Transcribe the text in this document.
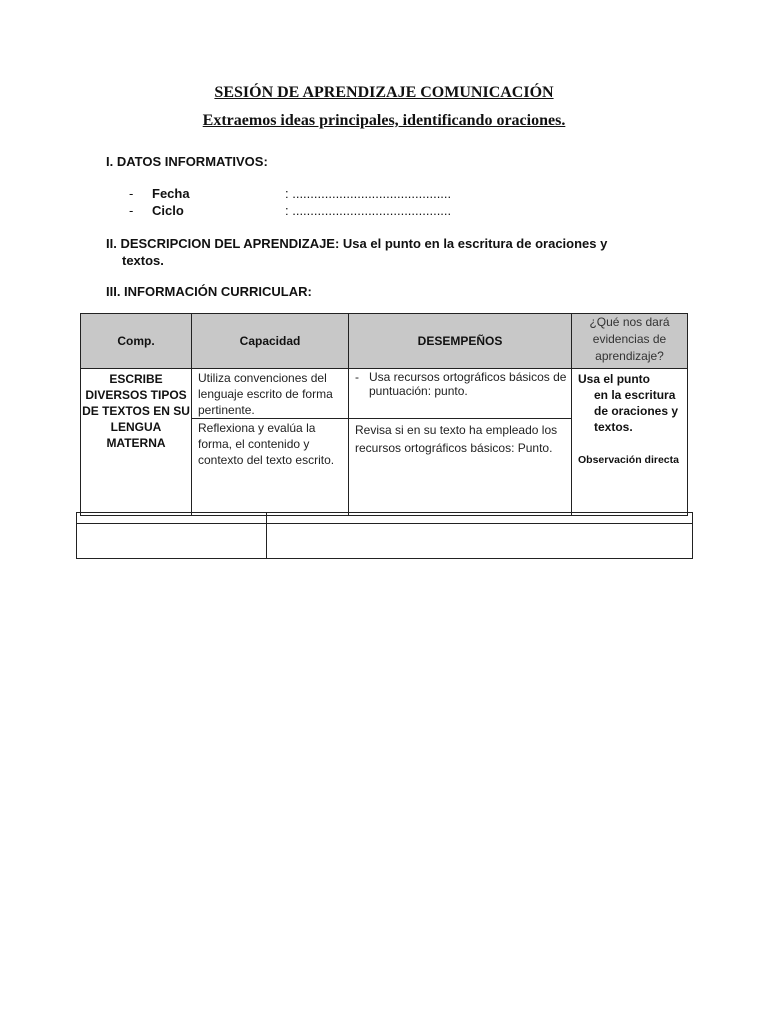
SESIÓN DE APRENDIZAJE COMUNICACIÓN
Extraemos ideas principales, identificando oraciones.
I. DATOS INFORMATIVOS:
- Fecha	: ............................................
- Ciclo	: ............................................
II. DESCRIPCION DEL APRENDIZAJE: Usa el punto en la escritura de oraciones y
textos.
III. INFORMACIÓN CURRICULAR:
Comp.	Capacidad	DESEMPEÑOS	¿Qué nos dará evidencias de aprendizaje?
ESCRIBE DIVERSOS TIPOS DE TEXTOS EN SU LENGUA MATERNA	Utiliza convenciones del lenguaje escrito de forma pertinente.	- Usa recursos ortográficos básicos de puntuación: punto.	Usa el punto
en la escritura de oraciones y textos.
Observación directa

	Reflexiona y evalúa la forma, el contenido y contexto del texto escrito.	Revisa si en su texto ha empleado los recursos ortográficos básicos: Punto.	
